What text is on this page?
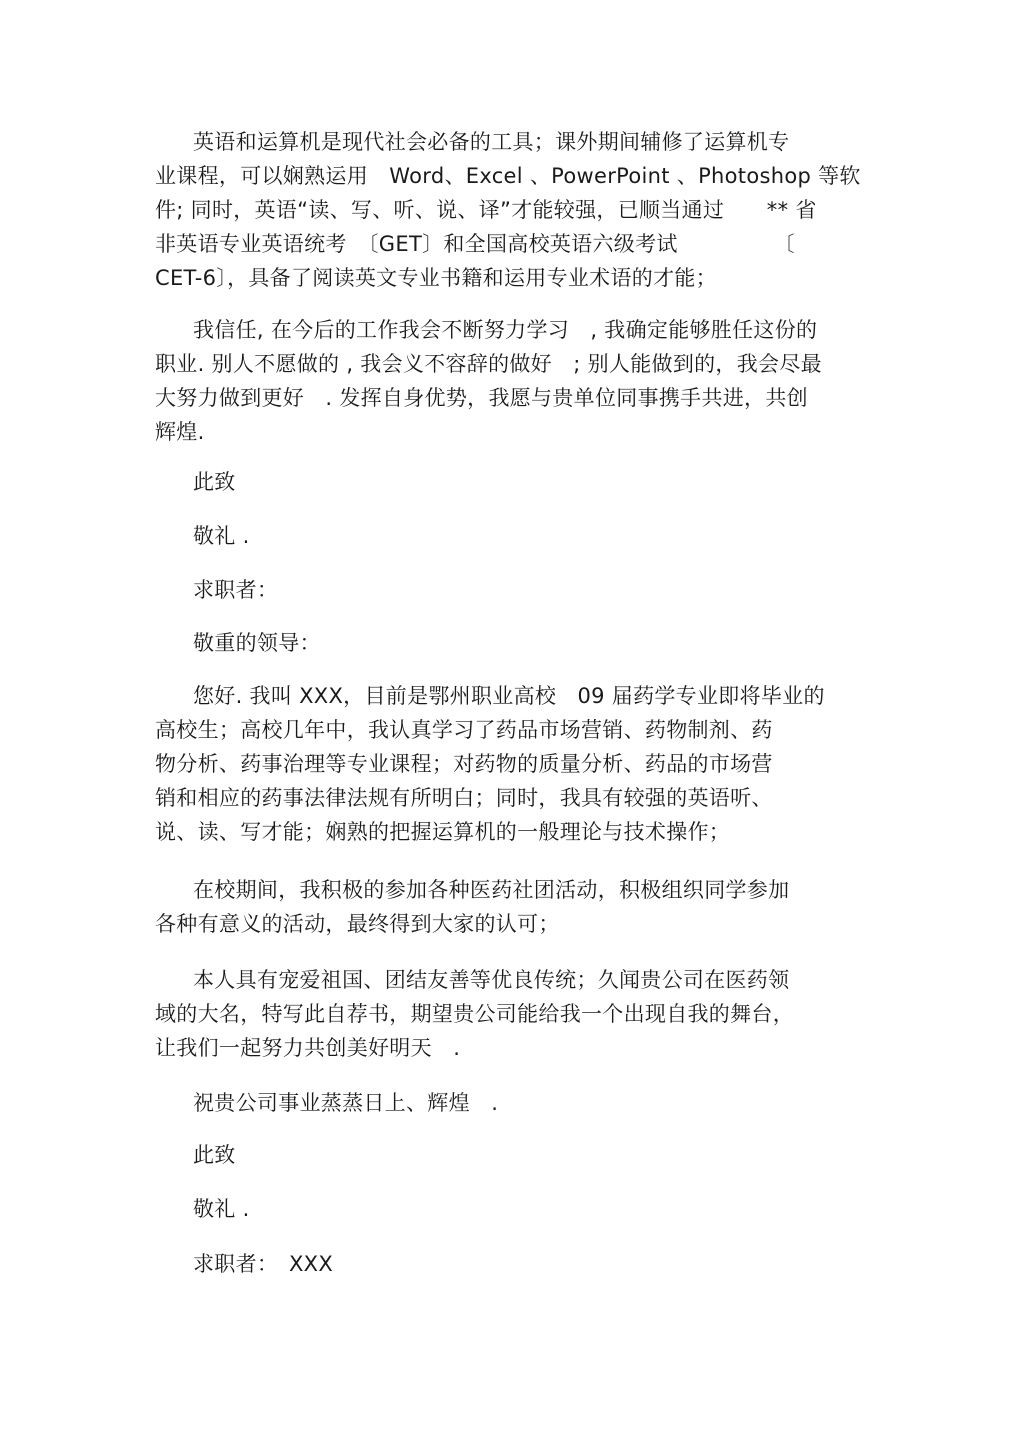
英语和运算机是现代社会必备的工具；课外期间辅修了运算机专
业课程，可以娴熟运用　Word、Excel 、PowerPoint 、Photoshop 等软
件; 同时，英语“读、写、听、说、译”才能较强，已顺当通过　　** 省
非英语专业英语统考　〔GET〕和全国高校英语六级考试　　　　　〔
CET-6〕，具备了阅读英文专业书籍和运用专业术语的才能；
我信任, 在今后的工作我会不断努力学习　, 我确定能够胜任这份的
职业. 别人不愿做的 , 我会义不容辞的做好　; 别人能做到的，我会尽最
大努力做到更好　. 发挥自身优势，我愿与贵单位同事携手共进，共创
辉煌.
此致
敬礼 .
求职者：
敬重的领导：
您好. 我叫 XXX，目前是鄂州职业高校　09 届药学专业即将毕业的
高校生；高校几年中，我认真学习了药品市场营销、药物制剂、药
物分析、药事治理等专业课程；对药物的质量分析、药品的市场营
销和相应的药事法律法规有所明白；同时，我具有较强的英语听、
说、读、写才能；娴熟的把握运算机的一般理论与技术操作；
在校期间，我积极的参加各种医药社团活动，积极组织同学参加
各种有意义的活动，最终得到大家的认可；
本人具有宠爱祖国、团结友善等优良传统；久闻贵公司在医药领
域的大名，特写此自荐书，期望贵公司能给我一个出现自我的舞台，
让我们一起努力共创美好明天　.
祝贵公司事业蒸蒸日上、辉煌　.
此致
敬礼 .
求职者：　XXX
